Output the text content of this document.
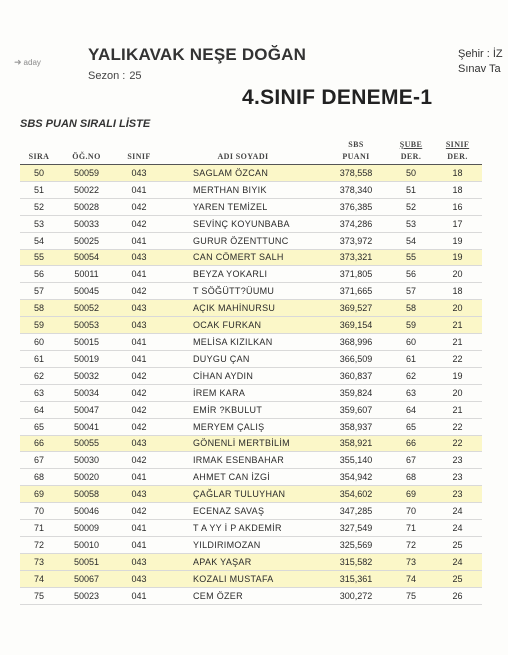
➜ aday	YALIKAVAK NEŞE DOĞAN
Sezon : 25
Şehir : İZ
Sınav Ta
4.SINIF DENEME-1
SBS PUAN SIRALI LİSTE
				SBS	ŞUBE	SINIF
SIRA	ÖĞ.NO	SINIF	ADI SOYADI	PUANI	DER.	DER.
50	50059	043	SAGLAM ÖZCAN	378,558	50	18
51	50022	041	MERTHAN BIYIK	378,340	51	18
52	50028	042	YAREN TEMİZEL	376,385	52	16
53	50033	042	SEVİNÇ KOYUNBABA	374,286	53	17
54	50025	041	GURUR ÖZENTTUNC	373,972	54	19
55	50054	043	CAN CÖMERT SALH	373,321	55	19
56	50011	041	BEYZA YOKARLI	371,805	56	20
57	50045	042	T SÖĞÜTT?ÜUMU	371,665	57	18
58	50052	043	AÇIK MAHİNURSU	369,527	58	20
59	50053	043	OCAK FURKAN	369,154	59	21
60	50015	041	MELİSA KIZILKAN	368,996	60	21
61	50019	041	DUYGU ÇAN	366,509	61	22
62	50032	042	CİHAN AYDIN	360,837	62	19
63	50034	042	İREM KARA	359,824	63	20
64	50047	042	EMİR ?KBULUT	359,607	64	21
65	50041	042	MERYEM ÇALIŞ	358,937	65	22
66	50055	043	GÖNENLİ MERTBİLİM	358,921	66	22
67	50030	042	IRMAK ESENBAHAR	355,140	67	23
68	50020	041	AHMET CAN İZGİ	354,942	68	23
69	50058	043	ÇAĞLAR TULUYHAN	354,602	69	23
70	50046	042	ECENAZ SAVAŞ	347,285	70	24
71	50009	041	T A YY İ P AKDEMİR	327,549	71	24
72	50010	041	YILDIRIMOZAN	325,569	72	25
73	50051	043	APAK YAŞAR	315,582	73	24
74	50067	043	KOZALI MUSTAFA	315,361	74	25
75	50023	041	CEM ÖZER	300,272	75	26
